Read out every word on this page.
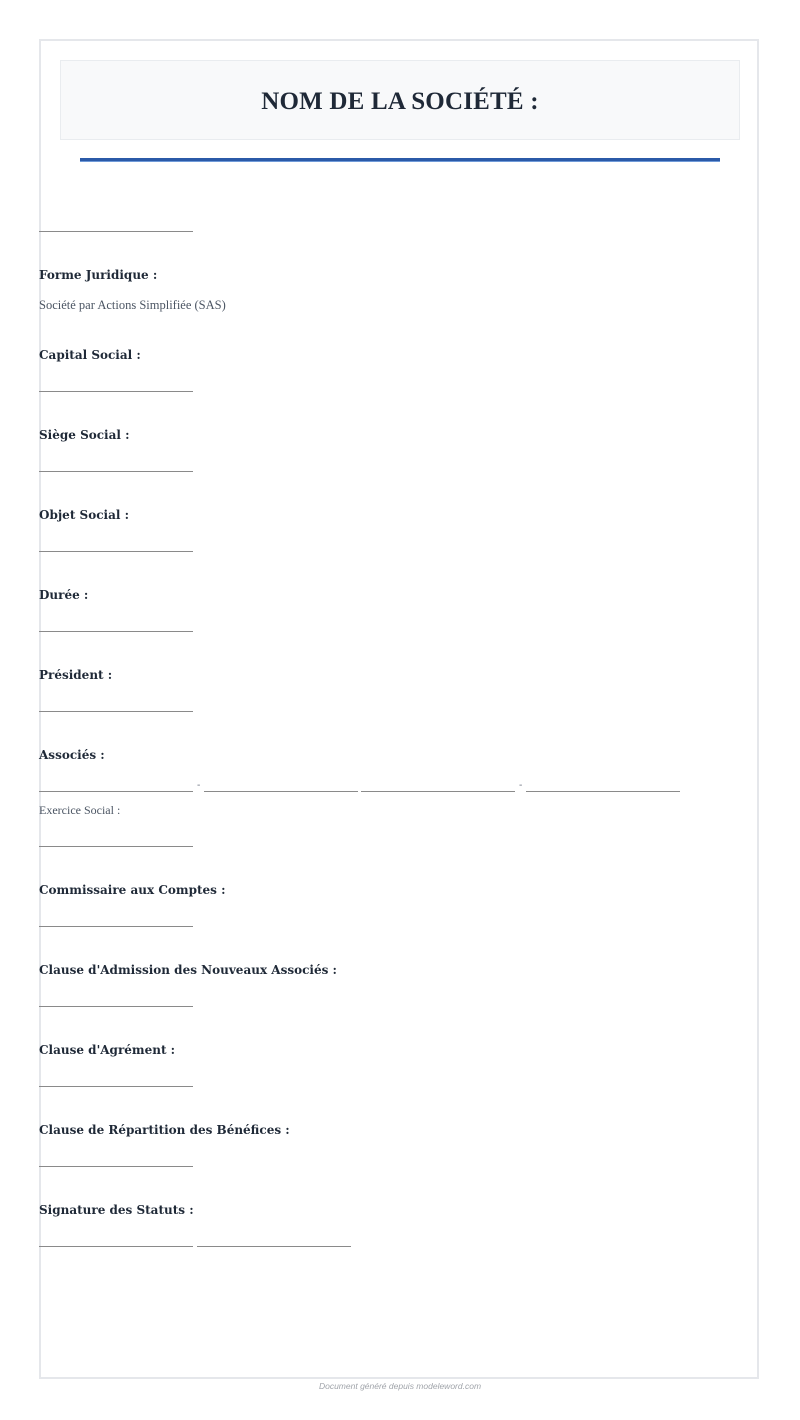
NOM DE LA SOCIÉTÉ :
Forme Juridique :
Société par Actions Simplifiée (SAS)
Capital Social :
Siège Social :
Objet Social :
Durée :
Président :
Associés :
-	-
Exercice Social :
Commissaire aux Comptes :
Clause d'Admission des Nouveaux Associés :
Clause d'Agrément :
Clause de Répartition des Bénéfices :
Signature des Statuts :
Document généré depuis modeleword.com
